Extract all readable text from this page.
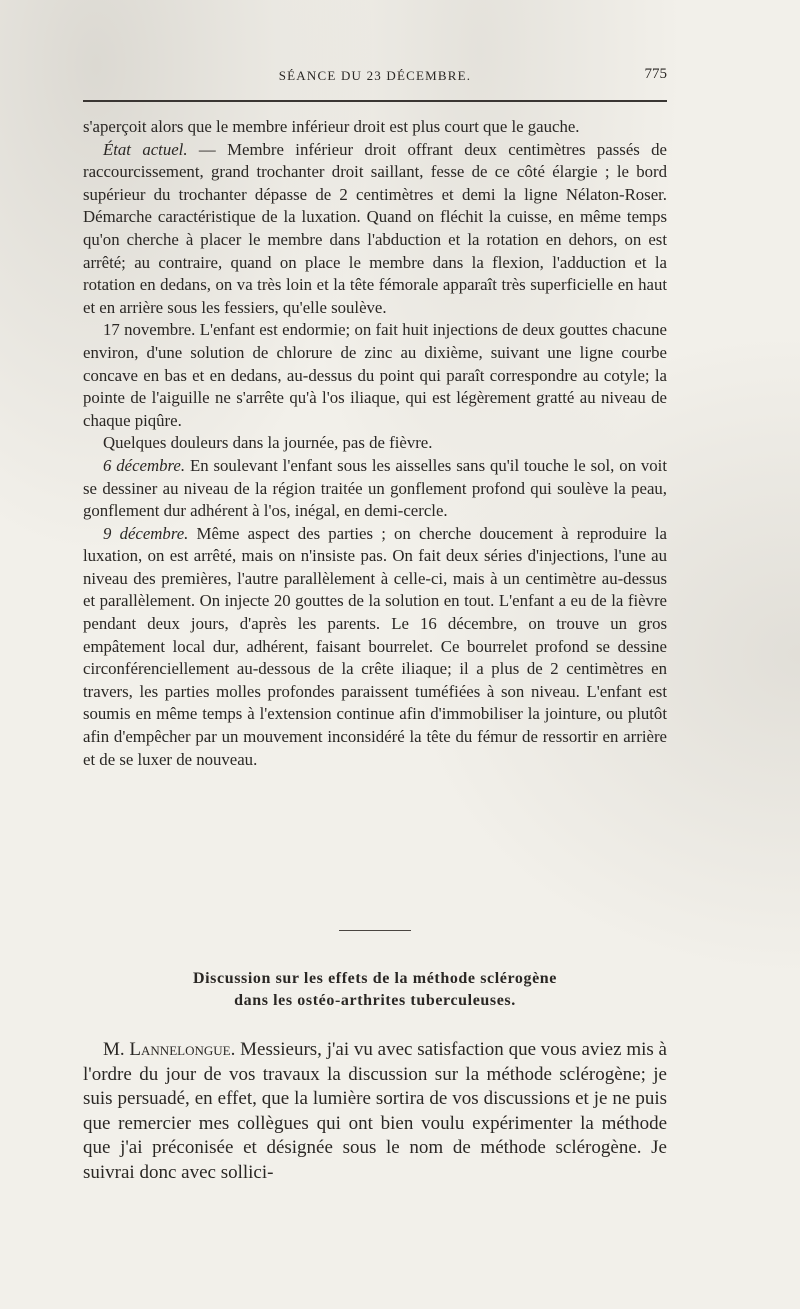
SÉANCE DU 23 DÉCEMBRE.	775

s'aperçoit alors que le membre inférieur droit est plus court que le gauche.

État actuel. — Membre inférieur droit offrant deux centimètres passés de raccourcissement, grand trochanter droit saillant, fesse de ce côté élargie ; le bord supérieur du trochanter dépasse de 2 centimètres et demi la ligne Nélaton-Roser. Démarche caractéristique de la luxation. Quand on fléchit la cuisse, en même temps qu'on cherche à placer le membre dans l'abduction et la rotation en dehors, on est arrêté; au contraire, quand on place le membre dans la flexion, l'adduction et la rotation en dedans, on va très loin et la tête fémorale apparaît très superficielle en haut et en arrière sous les fessiers, qu'elle soulève.

17 novembre. L'enfant est endormie; on fait huit injections de deux gouttes chacune environ, d'une solution de chlorure de zinc au dixième, suivant une ligne courbe concave en bas et en dedans, au-dessus du point qui paraît correspondre au cotyle; la pointe de l'aiguille ne s'arrête qu'à l'os iliaque, qui est légèrement gratté au niveau de chaque piqûre.

Quelques douleurs dans la journée, pas de fièvre.

6 décembre. En soulevant l'enfant sous les aisselles sans qu'il touche le sol, on voit se dessiner au niveau de la région traitée un gonflement profond qui soulève la peau, gonflement dur adhérent à l'os, inégal, en demi-cercle.

9 décembre. Même aspect des parties ; on cherche doucement à reproduire la luxation, on est arrêté, mais on n'insiste pas. On fait deux séries d'injections, l'une au niveau des premières, l'autre parallèlement à celle-ci, mais à un centimètre au-dessus et parallèlement. On injecte 20 gouttes de la solution en tout. L'enfant a eu de la fièvre pendant deux jours, d'après les parents. Le 16 décembre, on trouve un gros empâtement local dur, adhérent, faisant bourrelet. Ce bourrelet profond se dessine circonférenciellement au-dessous de la crête iliaque; il a plus de 2 centimètres en travers, les parties molles profondes paraissent tuméfiées à son niveau. L'enfant est soumis en même temps à l'extension continue afin d'immobiliser la jointure, ou plutôt afin d'empêcher par un mouvement inconsidéré la tête du fémur de ressortir en arrière et de se luxer de nouveau.

Discussion sur les effets de la méthode sclérogène
dans les ostéo-arthrites tuberculeuses.

M. Lannelongue. Messieurs, j'ai vu avec satisfaction que vous aviez mis à l'ordre du jour de vos travaux la discussion sur la méthode sclérogène; je suis persuadé, en effet, que la lumière sortira de vos discussions et je ne puis que remercier mes collègues qui ont bien voulu expérimenter la méthode que j'ai préconisée et désignée sous le nom de méthode sclérogène. Je suivrai donc avec sollici-
